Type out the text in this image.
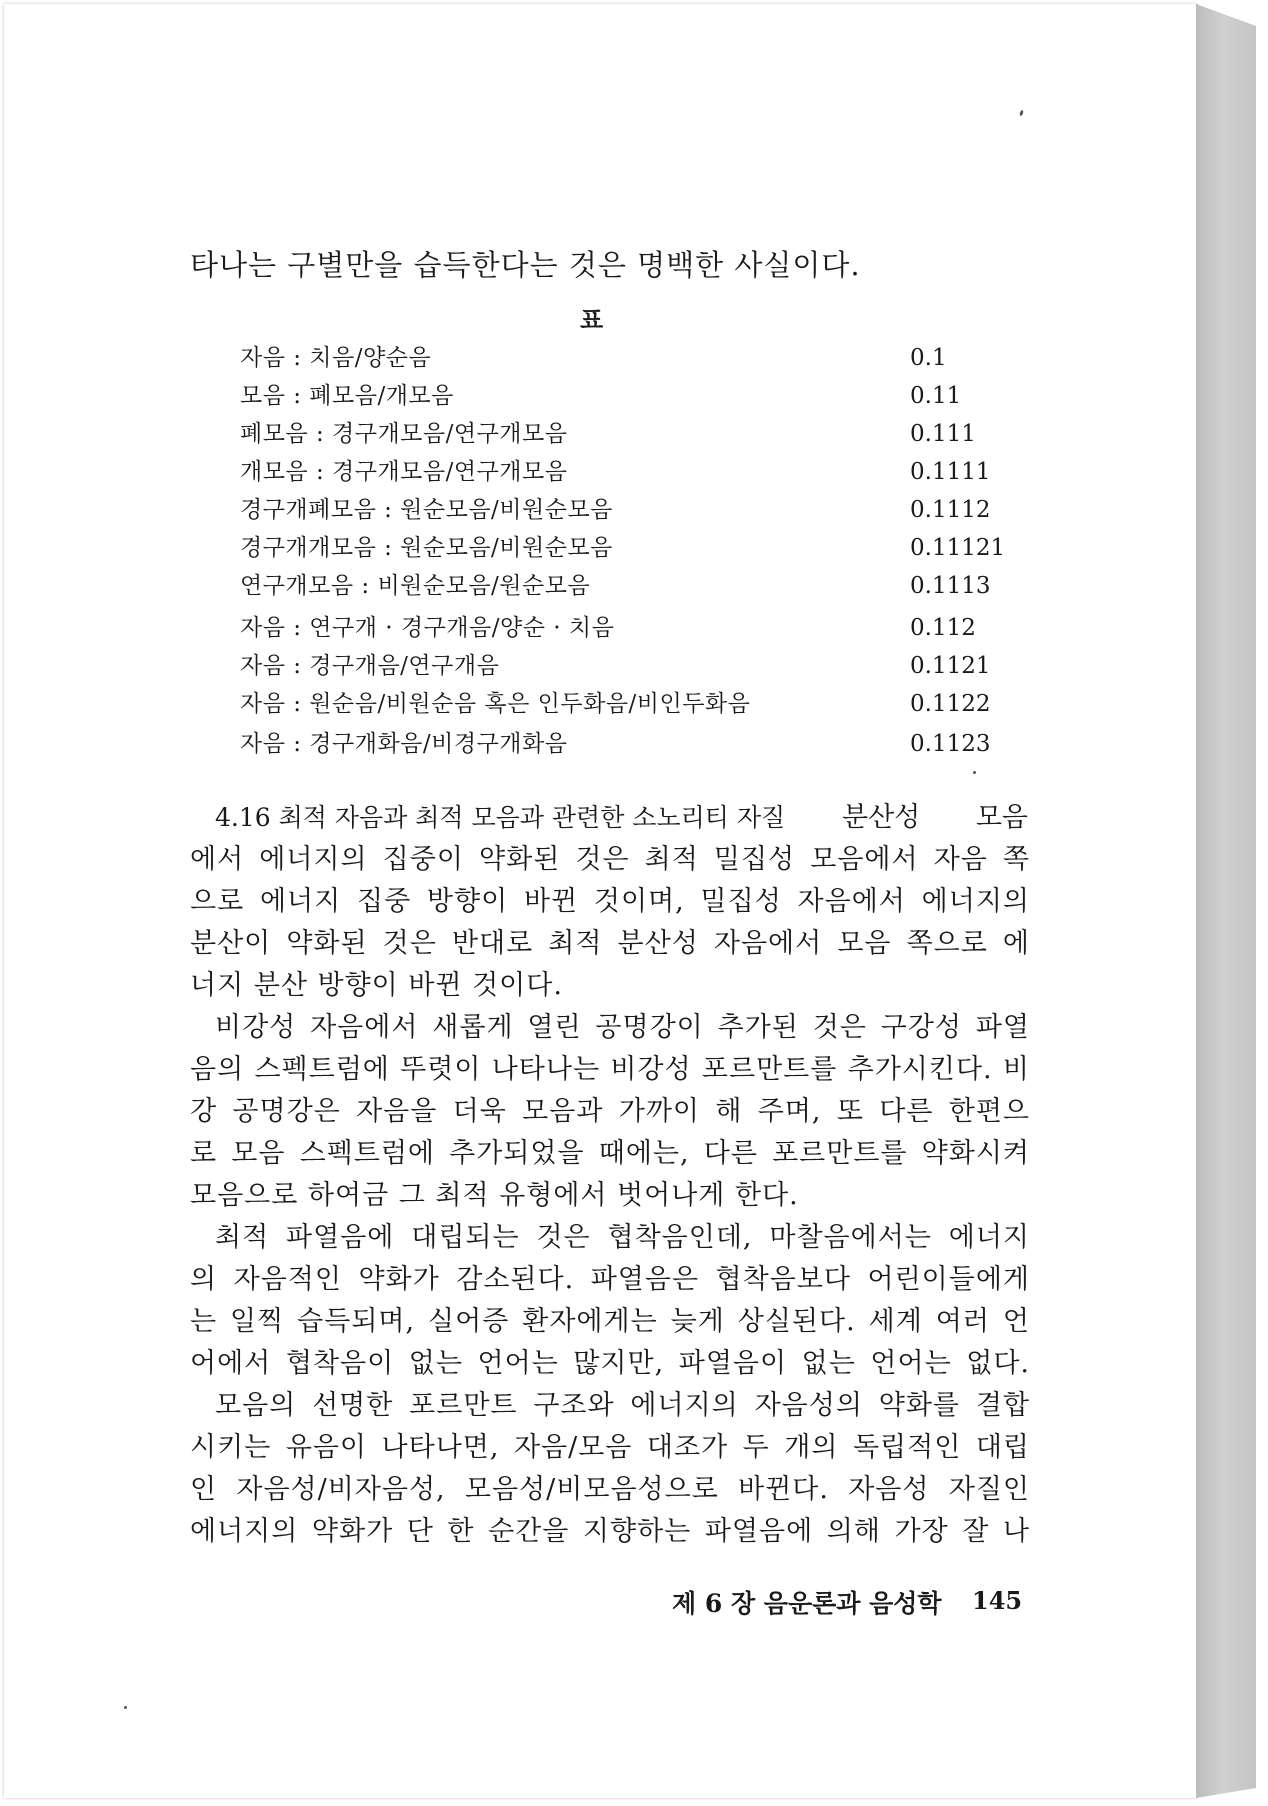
타나는 구별만을 습득한다는 것은 명백한 사실이다.
표
자음 : 치음/양순음	0.1
모음 : 폐모음/개모음	0.11
폐모음 : 경구개모음/연구개모음	0.111
개모음 : 경구개모음/연구개모음	0.1111
경구개폐모음 : 원순모음/비원순모음	0.1112
경구개개모음 : 원순모음/비원순모음	0.11121
연구개모음 : 비원순모음/원순모음	0.1113
자음 : 연구개 · 경구개음/양순 · 치음	0.112
자음 : 경구개음/연구개음	0.1121
자음 : 원순음/비원순음 혹은 인두화음/비인두화음	0.1122
자음 : 경구개화음/비경구개화음	0.1123
4.16 최적 자음과 최적 모음과 관련한 소노리티 자질 분산성 모음
에서 에너지의 집중이 약화된 것은 최적 밀집성 모음에서 자음 쪽
으로 에너지 집중 방향이 바뀐 것이며, 밀집성 자음에서 에너지의
분산이 약화된 것은 반대로 최적 분산성 자음에서 모음 쪽으로 에
너지 분산 방향이 바뀐 것이다.
비강성 자음에서 새롭게 열린 공명강이 추가된 것은 구강성 파열
음의 스펙트럼에 뚜렷이 나타나는 비강성 포르만트를 추가시킨다. 비
강 공명강은 자음을 더욱 모음과 가까이 해 주며, 또 다른 한편으
로 모음 스펙트럼에 추가되었을 때에는, 다른 포르만트를 약화시켜
모음으로 하여금 그 최적 유형에서 벗어나게 한다.
최적 파열음에 대립되는 것은 협착음인데, 마찰음에서는 에너지
의 자음적인 약화가 감소된다. 파열음은 협착음보다 어린이들에게
는 일찍 습득되며, 실어증 환자에게는 늦게 상실된다. 세계 여러 언
어에서 협착음이 없는 언어는 많지만, 파열음이 없는 언어는 없다.
모음의 선명한 포르만트 구조와 에너지의 자음성의 약화를 결합
시키는 유음이 나타나면, 자음/모음 대조가 두 개의 독립적인 대립
인 자음성/비자음성, 모음성/비모음성으로 바뀐다. 자음성 자질인
에너지의 약화가 단 한 순간을 지향하는 파열음에 의해 가장 잘 나
제 6 장 음운론과 음성학 145
